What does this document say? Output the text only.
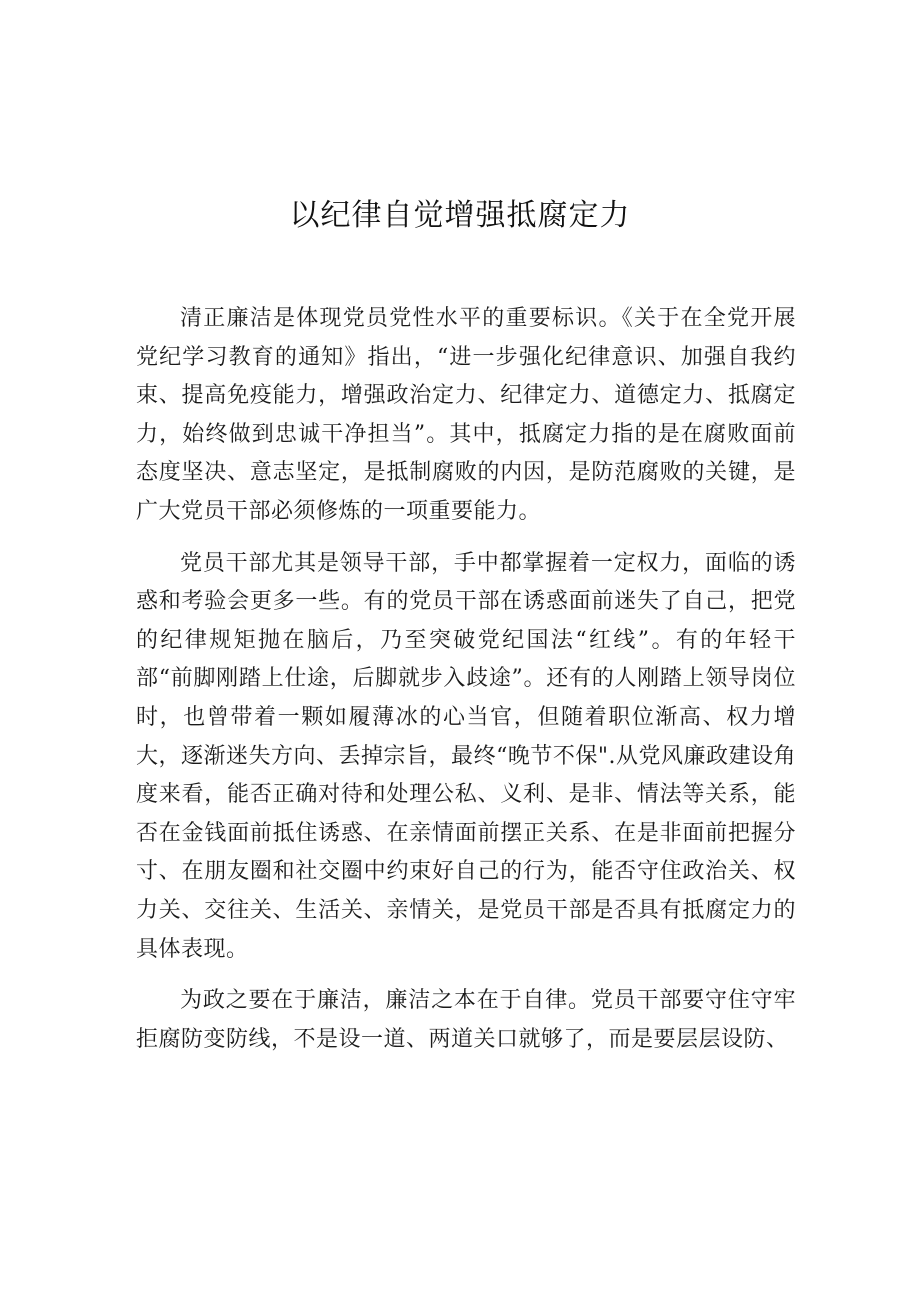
以纪律自觉增强抵腐定力

清正廉洁是体现党员党性水平的重要标识。《关于在全党开展党纪学习教育的通知》指出，“进一步强化纪律意识、加强自我约束、提高免疫能力，增强政治定力、纪律定力、道德定力、抵腐定力，始终做到忠诚干净担当”。其中，抵腐定力指的是在腐败面前态度坚决、意志坚定，是抵制腐败的内因，是防范腐败的关键，是广大党员干部必须修炼的一项重要能力。

党员干部尤其是领导干部，手中都掌握着一定权力，面临的诱惑和考验会更多一些。有的党员干部在诱惑面前迷失了自己，把党的纪律规矩抛在脑后，乃至突破党纪国法“红线”。有的年轻干部“前脚刚踏上仕途，后脚就步入歧途”。还有的人刚踏上领导岗位时，也曾带着一颗如履薄冰的心当官，但随着职位渐高、权力增大，逐渐迷失方向、丢掉宗旨，最终“晚节不保".从党风廉政建设角度来看，能否正确对待和处理公私、义利、是非、情法等关系，能否在金钱面前抵住诱惑、在亲情面前摆正关系、在是非面前把握分寸、在朋友圈和社交圈中约束好自己的行为，能否守住政治关、权力关、交往关、生活关、亲情关，是党员干部是否具有抵腐定力的具体表现。

为政之要在于廉洁，廉洁之本在于自律。党员干部要守住守牢拒腐防变防线，不是设一道、两道关口就够了，而是要层层设防、
